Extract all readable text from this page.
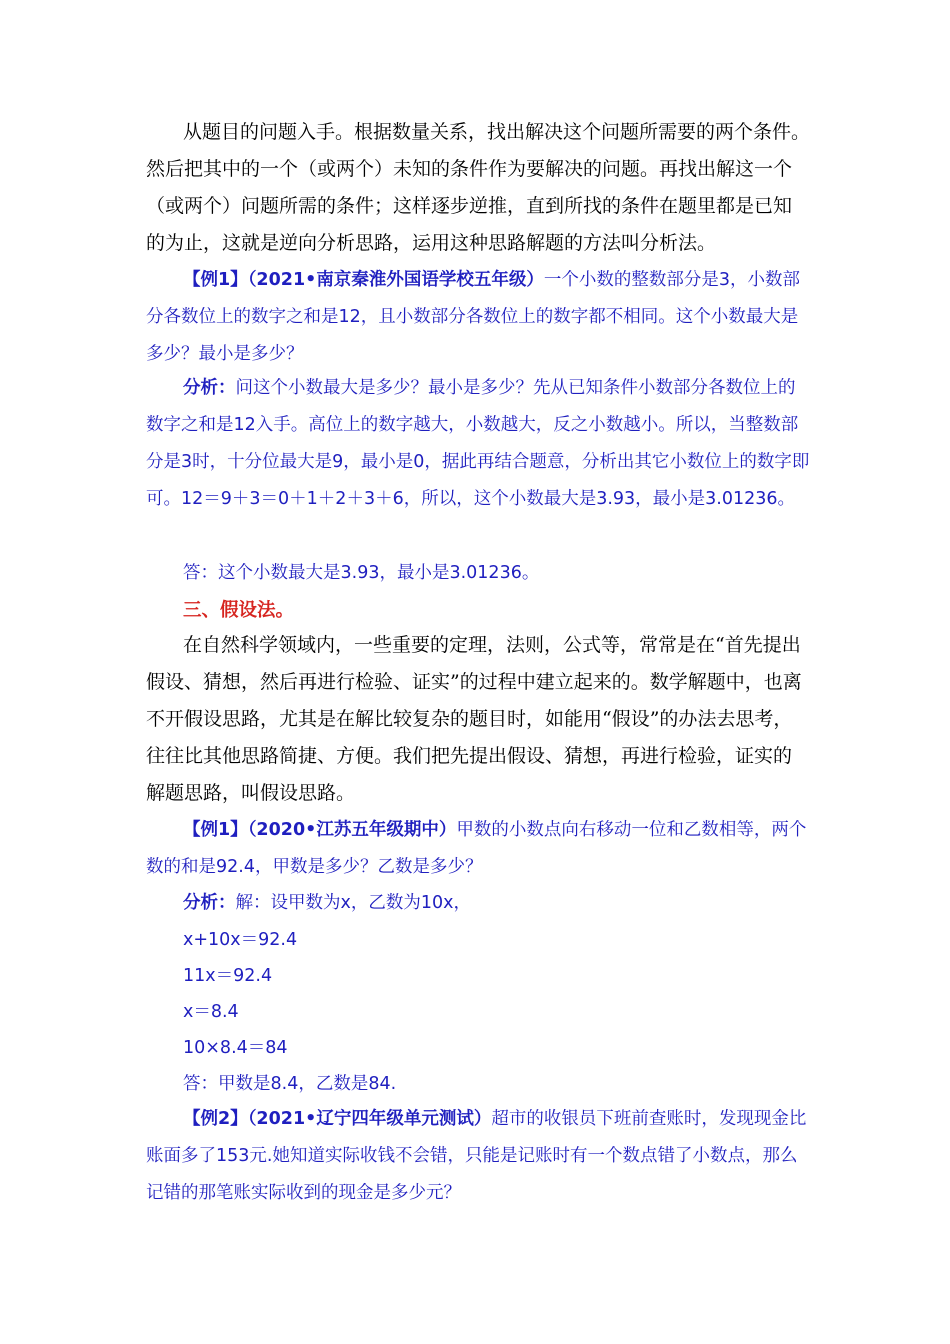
从题目的问题入手。根据数量关系，找出解决这个问题所需要的两个条件。然后把其中的一个（或两个）未知的条件作为要解决的问题。再找出解这一个（或两个）问题所需的条件；这样逐步逆推，直到所找的条件在题里都是已知的为止，这就是逆向分析思路，运用这种思路解题的方法叫分析法。

【例1】（2021•南京秦淮外国语学校五年级）一个小数的整数部分是3，小数部分各数位上的数字之和是12，且小数部分各数位上的数字都不相同。这个小数最大是多少？最小是多少？

分析：问这个小数最大是多少？最小是多少？先从已知条件小数部分各数位上的数字之和是12入手。高位上的数字越大，小数越大，反之小数越小。所以，当整数部分是3时，十分位最大是9，最小是0，据此再结合题意，分析出其它小数位上的数字即可。12＝9＋3＝0＋1＋2＋3＋6，所以，这个小数最大是3.93，最小是3.01236。

答：这个小数最大是3.93，最小是3.01236。

三、假设法。

在自然科学领域内，一些重要的定理，法则，公式等，常常是在“首先提出假设、猜想，然后再进行检验、证实”的过程中建立起来的。数学解题中，也离不开假设思路，尤其是在解比较复杂的题目时，如能用“假设”的办法去思考，往往比其他思路简捷、方便。我们把先提出假设、猜想，再进行检验，证实的解题思路，叫假设思路。

【例1】（2020•江苏五年级期中）甲数的小数点向右移动一位和乙数相等，两个数的和是92.4，甲数是多少？乙数是多少？

分析：解：设甲数为x，乙数为10x，

x+10x＝92.4
11x＝92.4
x＝8.4
10×8.4＝84

答：甲数是8.4，乙数是84.

【例2】（2021•辽宁四年级单元测试）超市的收银员下班前查账时，发现现金比账面多了153元.她知道实际收钱不会错，只能是记账时有一个数点错了小数点，那么记错的那笔账实际收到的现金是多少元？
